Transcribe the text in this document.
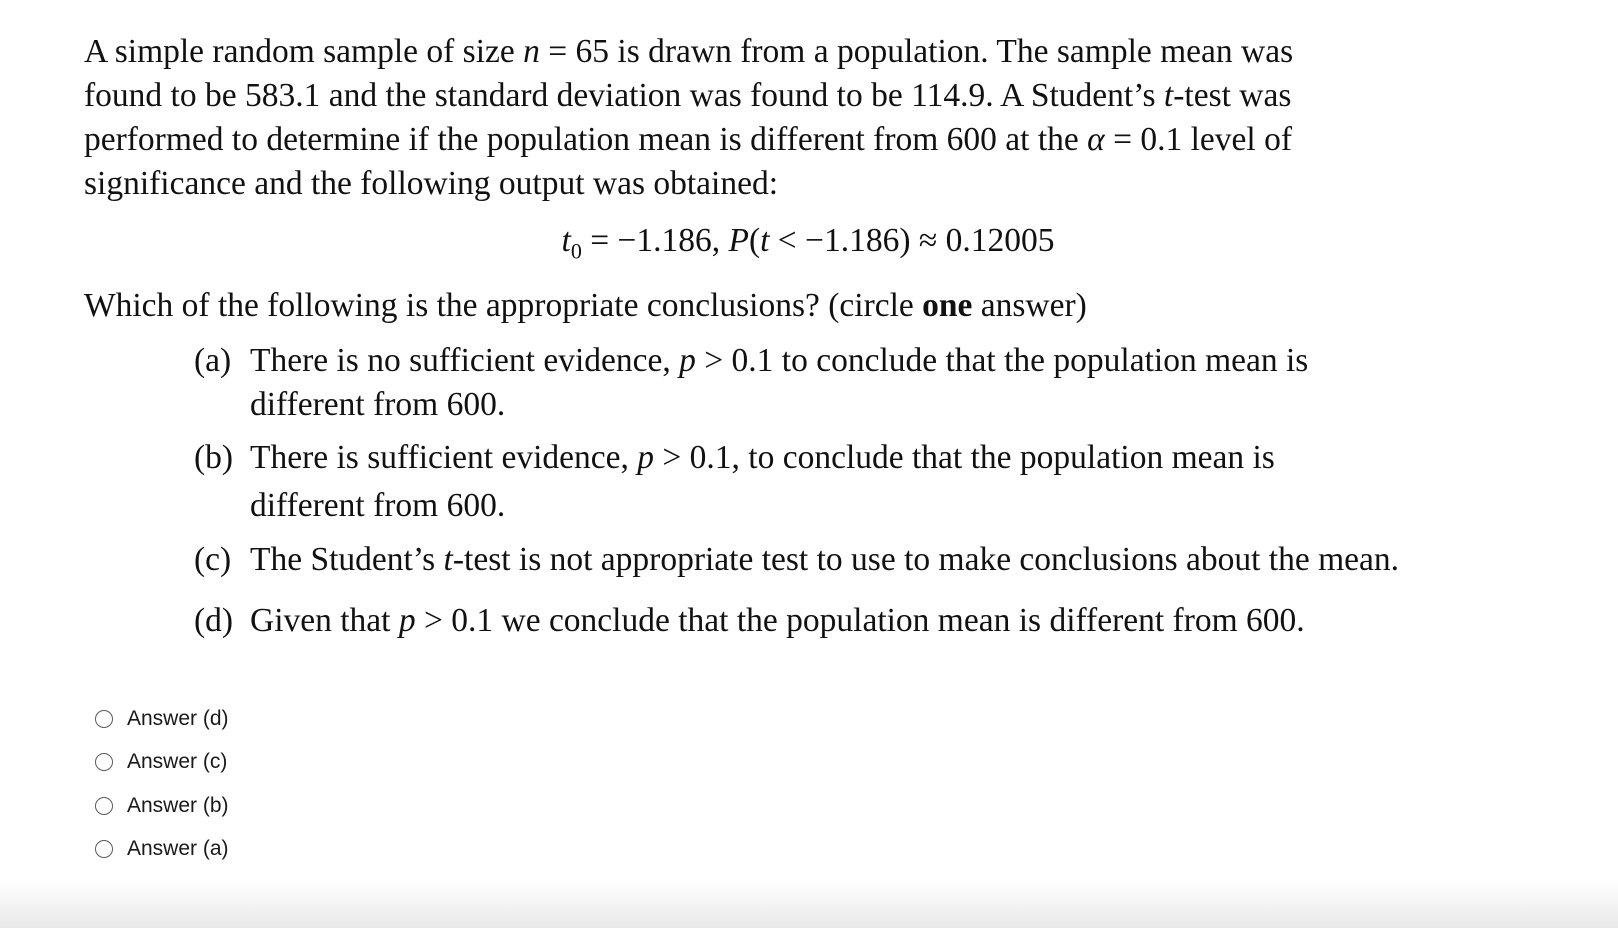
A simple random sample of size n = 65 is drawn from a population. The sample mean was

found to be 583.1 and the standard deviation was found to be 114.9. A Student’s t-test was

performed to determine if the population mean is different from 600 at the α = 0.1 level of

significance and the following output was obtained:

$t_0 = -1.186$, P(t < −1.186) ≈ 0.12005
Which of the following is the appropriate conclusions? (circle one answer)
(a) There is no sufficient evidence, p > 0.1 to conclude that the population mean is
different from 600.
(b) There is sufficient evidence, p > 0.1, to conclude that the population mean is
different from 600.
(c) The Student’s t-test is not appropriate test to use to make conclusions about the mean.
(d) Given that p > 0.1 we conclude that the population mean is different from 600.
Answer (d)
Answer (c)
Answer (b)
Answer (a)
